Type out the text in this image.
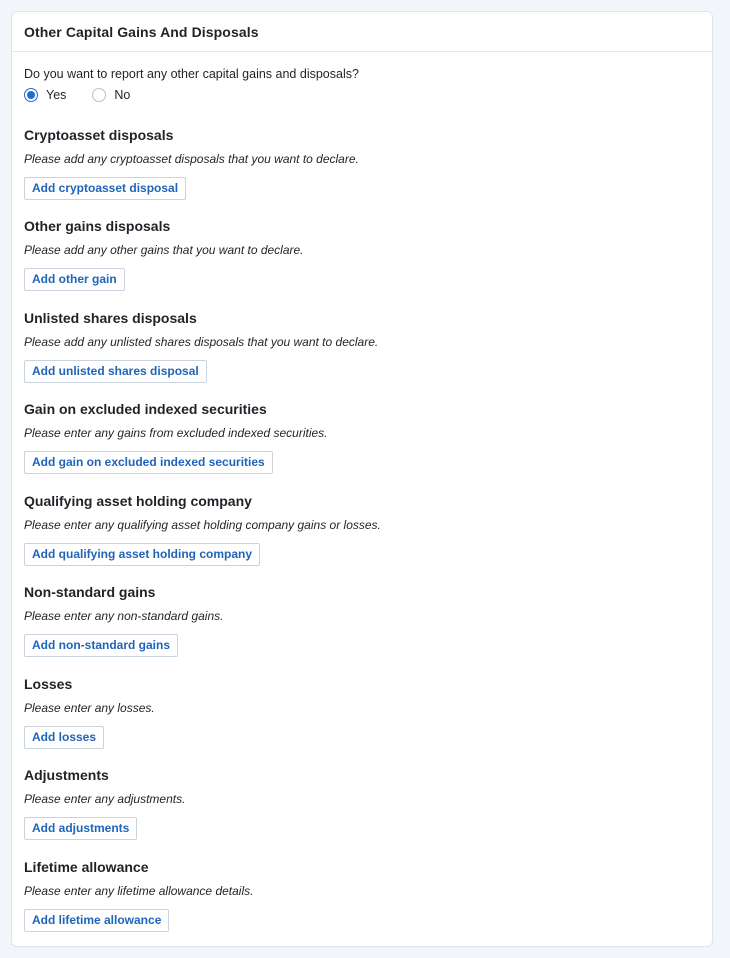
Other Capital Gains And Disposals
Do you want to report any other capital gains and disposals?
Yes	No
Cryptoasset disposals
Please add any cryptoasset disposals that you want to declare.
Add cryptoasset disposal
Other gains disposals
Please add any other gains that you want to declare.
Add other gain
Unlisted shares disposals
Please add any unlisted shares disposals that you want to declare.
Add unlisted shares disposal
Gain on excluded indexed securities
Please enter any gains from excluded indexed securities.
Add gain on excluded indexed securities
Qualifying asset holding company
Please enter any qualifying asset holding company gains or losses.
Add qualifying asset holding company
Non-standard gains
Please enter any non-standard gains.
Add non-standard gains
Losses
Please enter any losses.
Add losses
Adjustments
Please enter any adjustments.
Add adjustments
Lifetime allowance
Please enter any lifetime allowance details.
Add lifetime allowance
